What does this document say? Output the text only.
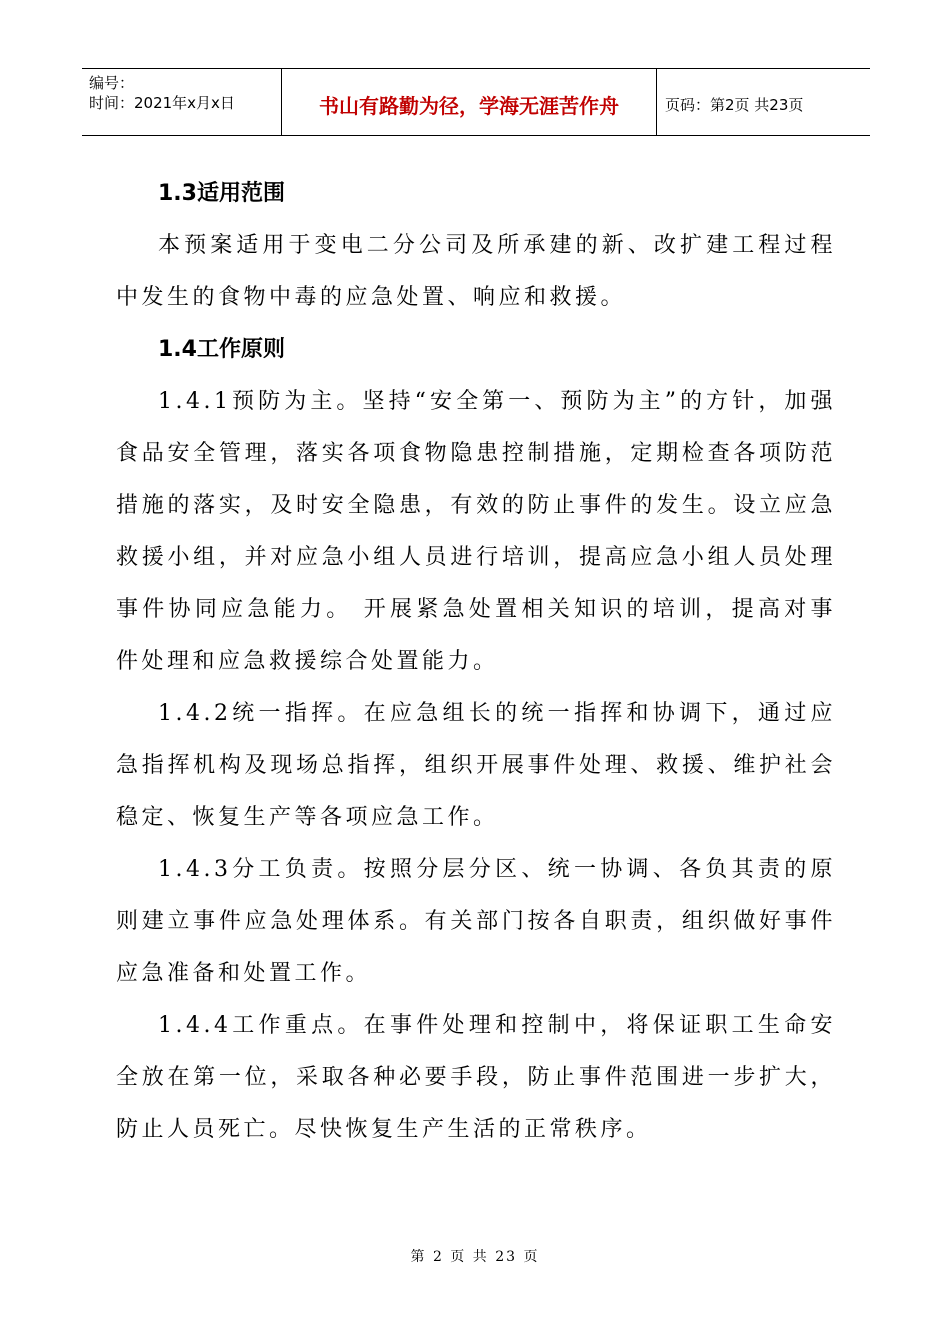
编号：
时间：2021年x月x日	书山有路勤为径，学海无涯苦作舟	页码：第2页 共23页
1.3适用范围
本预案适用于变电二分公司及所承建的新、改扩建工程过程中发生的食物中毒的应急处置、响应和救援。
1.4工作原则
1.4.1预防为主。坚持“安全第一、预防为主”的方针，加强食品安全管理，落实各项食物隐患控制措施，定期检查各项防范措施的落实，及时安全隐患，有效的防止事件的发生。设立应急救援小组，并对应急小组人员进行培训，提高应急小组人员处理事件协同应急能力。 开展紧急处置相关知识的培训，提高对事件处理和应急救援综合处置能力。
1.4.2统一指挥。在应急组长的统一指挥和协调下，通过应急指挥机构及现场总指挥，组织开展事件处理、救援、维护社会稳定、恢复生产等各项应急工作。
1.4.3分工负责。按照分层分区、统一协调、各负其责的原则建立事件应急处理体系。有关部门按各自职责，组织做好事件应急准备和处置工作。
1.4.4工作重点。在事件处理和控制中，将保证职工生命安全放在第一位，采取各种必要手段，防止事件范围进一步扩大，防止人员死亡。尽快恢复生产生活的正常秩序。
第 2 页 共 23 页
